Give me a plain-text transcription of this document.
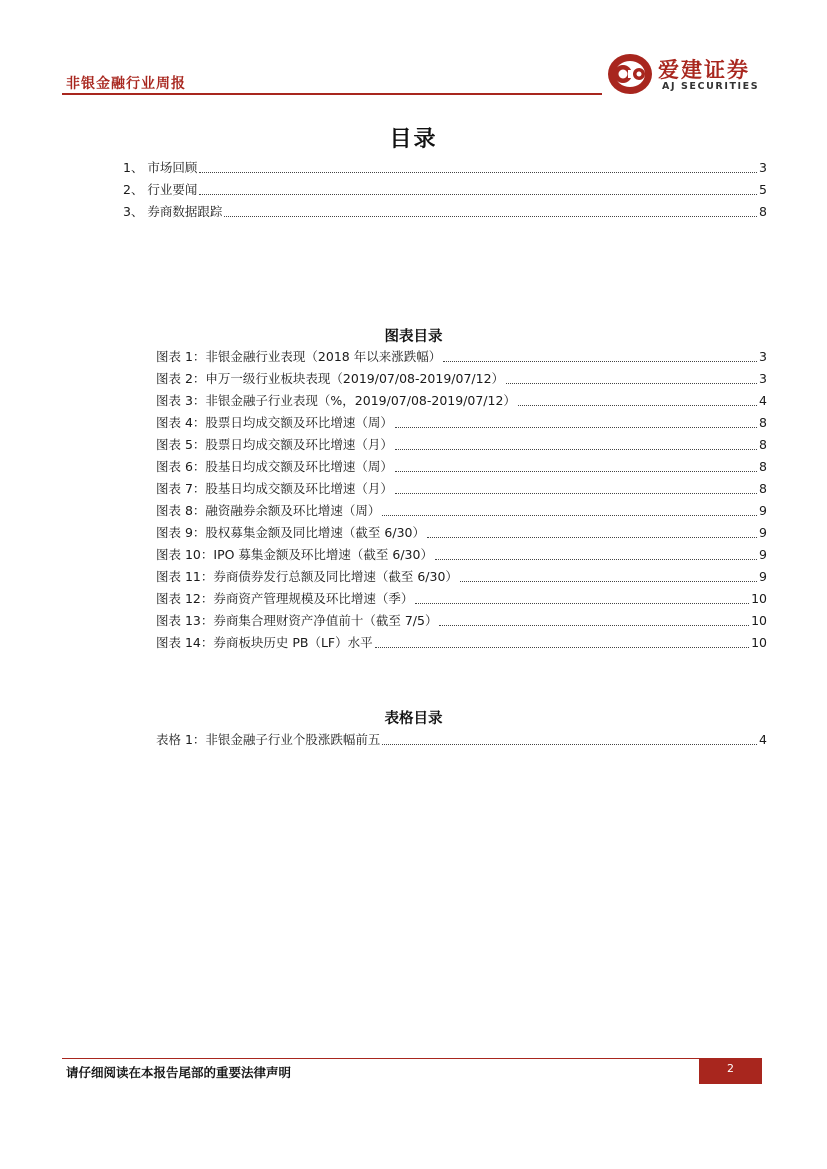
非银金融行业周报
爱建证券
AJ SECURITIES
目录
1、 市场回顾	3
2、 行业要闻	5
3、 券商数据跟踪	8
图表目录
图表 1：非银金融行业表现（2018 年以来涨跌幅）	3
图表 2：申万一级行业板块表现（2019/07/08-2019/07/12）	3
图表 3：非银金融子行业表现（%，2019/07/08-2019/07/12）	4
图表 4：股票日均成交额及环比增速（周）	8
图表 5：股票日均成交额及环比增速（月）	8
图表 6：股基日均成交额及环比增速（周）	8
图表 7：股基日均成交额及环比增速（月）	8
图表 8：融资融券余额及环比增速（周）	9
图表 9：股权募集金额及同比增速（截至 6/30）	9
图表 10：IPO 募集金额及环比增速（截至 6/30）	9
图表 11：券商债券发行总额及同比增速（截至 6/30）	9
图表 12：券商资产管理规模及环比增速（季）	10
图表 13：券商集合理财资产净值前十（截至 7/5）	10
图表 14：券商板块历史 PB（LF）水平	10
表格目录
表格 1：非银金融子行业个股涨跌幅前五	4
请仔细阅读在本报告尾部的重要法律声明	2
